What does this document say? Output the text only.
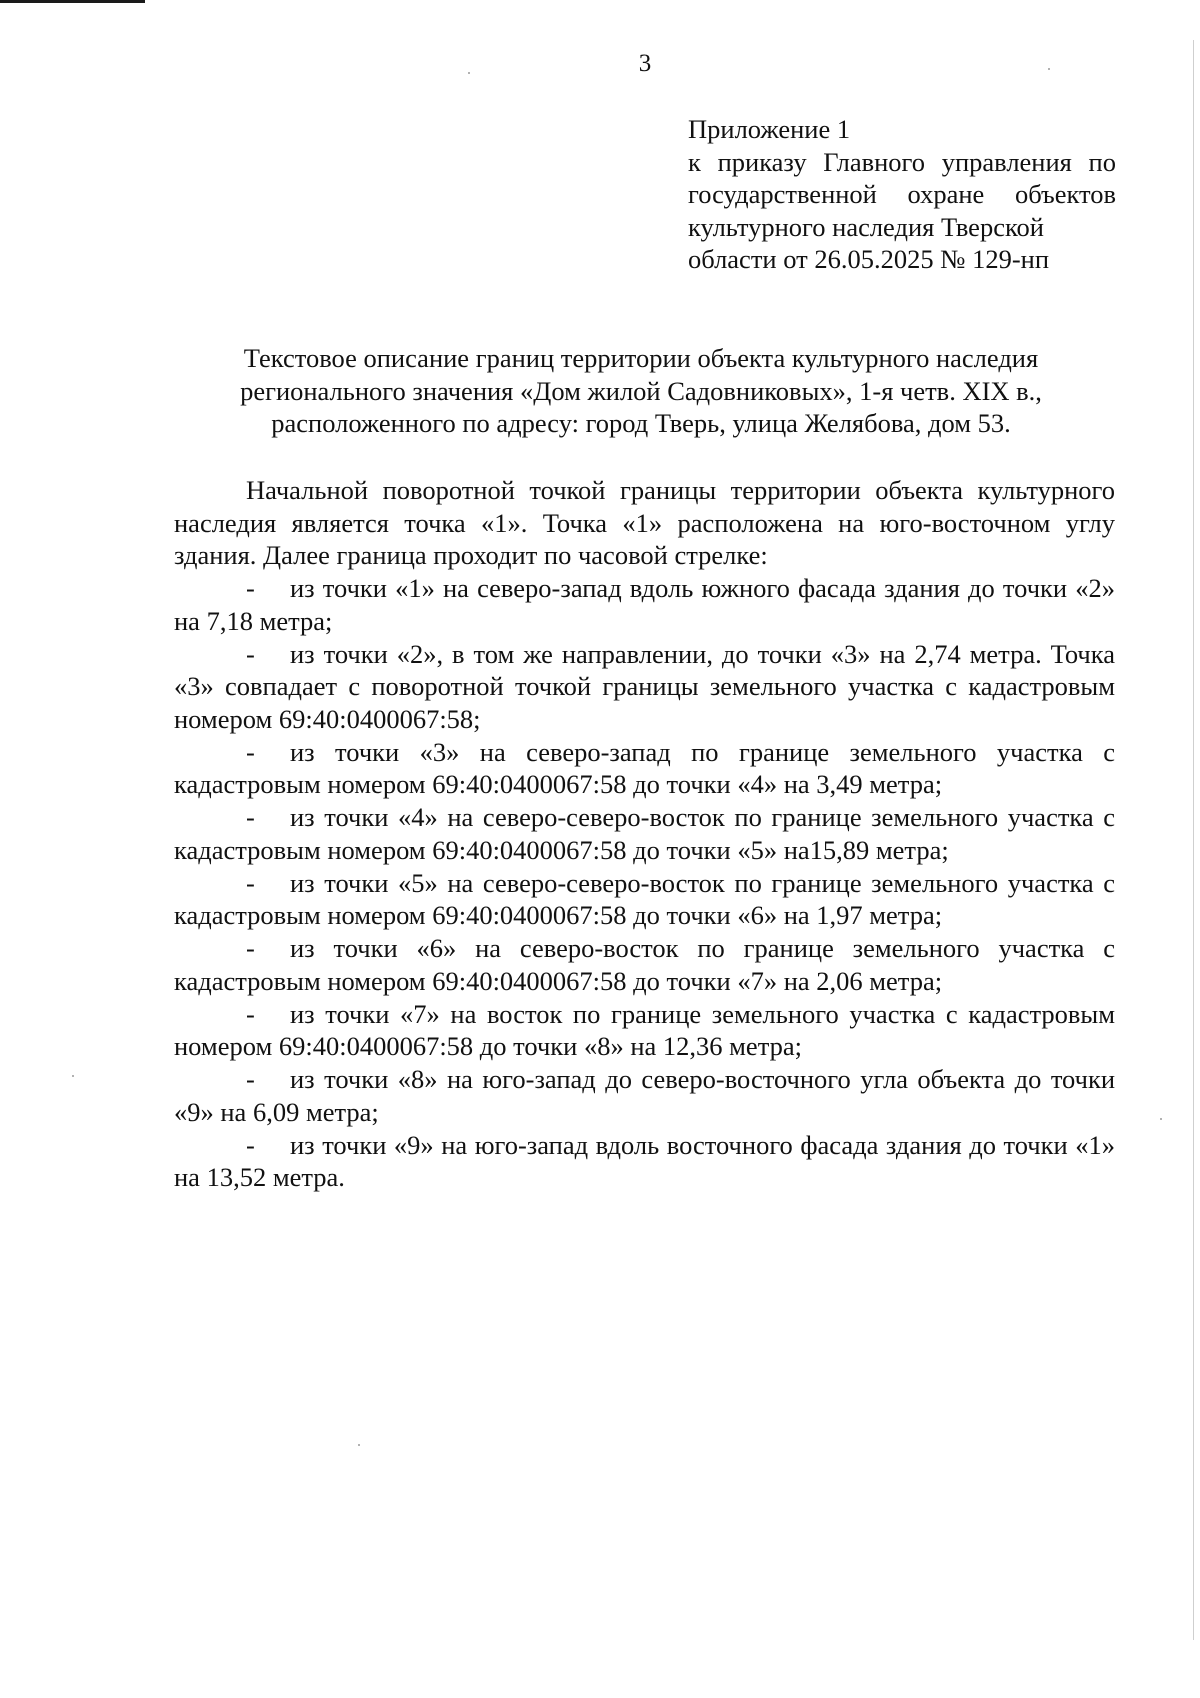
3

Приложение 1

к приказу Главного управления по государственной охране объектов культурного наследия Тверской

области от 26.05.2025 № 129-нп

Текстовое описание границ территории объекта культурного наследия
регионального значения «Дом жилой Садовниковых», 1-я четв. XIX в.,
расположенного по адресу: город Тверь, улица Желябова, дом 53.

Начальной поворотной точкой границы территории объекта культурного наследия является точка «1». Точка «1» расположена на юго-восточном углу здания. Далее граница проходит по часовой стрелке:

- из точки «1» на северо-запад вдоль южного фасада здания до точки «2» на 7,18 метра;

- из точки «2», в том же направлении, до точки «3» на 2,74 метра. Точка «3» совпадает с поворотной точкой границы земельного участка с кадастровым номером 69:40:0400067:58;

- из точки «3» на северо-запад по границе земельного участка с кадастровым номером 69:40:0400067:58 до точки «4» на 3,49 метра;

- из точки «4» на северо-северо-восток по границе земельного участка с кадастровым номером 69:40:0400067:58 до точки «5» на15,89 метра;

- из точки «5» на северо-северо-восток по границе земельного участка с кадастровым номером 69:40:0400067:58 до точки «6» на 1,97 метра;

- из точки «6» на северо-восток по границе земельного участка с кадастровым номером 69:40:0400067:58 до точки «7» на 2,06 метра;

- из точки «7» на восток по границе земельного участка с кадастровым номером 69:40:0400067:58 до точки «8» на 12,36 метра;

- из точки «8» на юго-запад до северо-восточного угла объекта до точки «9» на 6,09 метра;

- из точки «9» на юго-запад вдоль восточного фасада здания до точки «1» на 13,52 метра.
